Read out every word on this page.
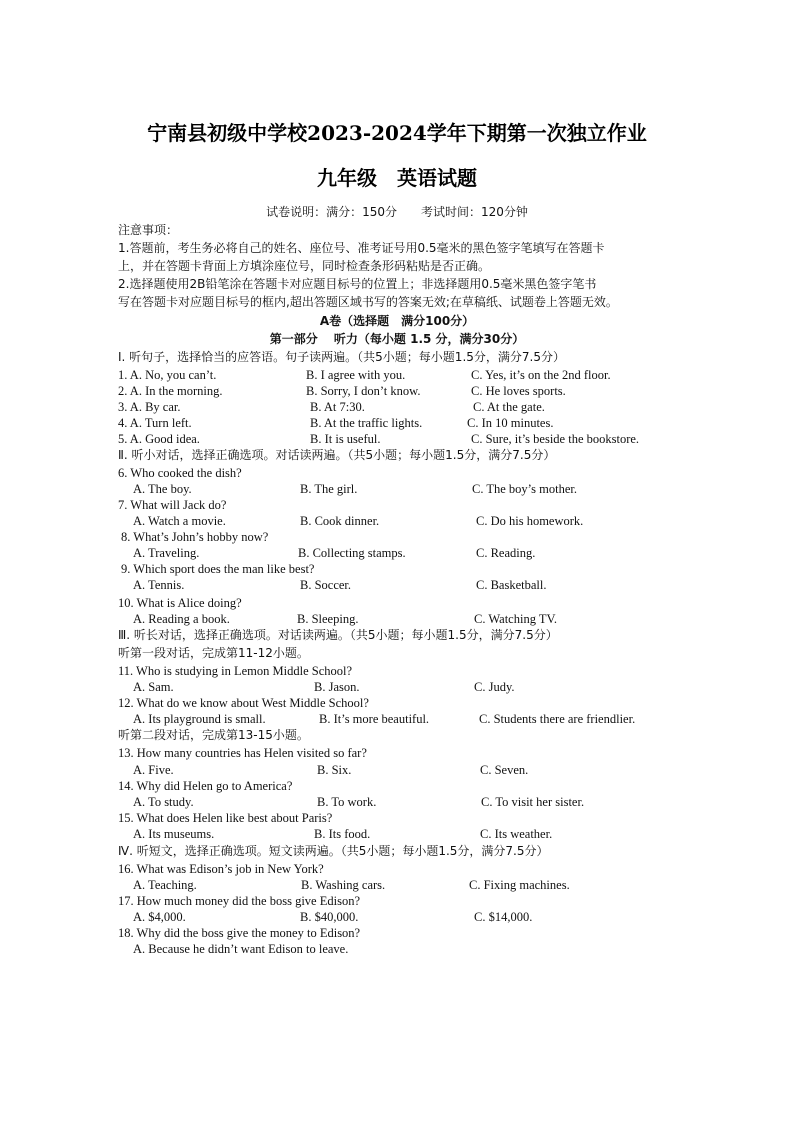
宁南县初级中学校2023-2024学年下期第一次独立作业
九年级　英语试题
试卷说明：满分：150分　　考试时间：120分钟
注意事项：
1.答题前，考生务必将自己的姓名、座位号、准考证号用0.5毫米的黑色签字笔填写在答题卡
上，并在答题卡背面上方填涂座位号，同时检查条形码粘贴是否正确。
2.选择题使用2B铅笔涂在答题卡对应题目标号的位置上；非选择题用0.5毫米黑色签字笔书
写在答题卡对应题目标号的框内,超出答题区域书写的答案无效;在草稿纸、试题卷上答题无效。
A卷（选择题　满分100分）
第一部分　 听力（每小题 1.5 分，满分30分）
Ⅰ. 听句子，选择恰当的应答语。句子读两遍。（共5小题；每小题1.5分，满分7.5分）
1. A. No, you can’t.	B. I agree with you.	C. Yes, it’s on the 2nd floor.
2. A. In the morning.	B. Sorry, I don’t know.	C. He loves sports.
3. A. By car.	B. At 7:30.	C. At the gate.
4. A. Turn left.	B. At the traffic lights.	C. In 10 minutes.
5. A. Good idea.	B. It is useful.	C. Sure, it’s beside the bookstore.
Ⅱ. 听小对话，选择正确选项。对话读两遍。（共5小题；每小题1.5分，满分7.5分）
6. Who cooked the dish?
A. The boy.	B. The girl.	C. The boy’s mother.
7. What will Jack do?
A. Watch a movie.	B. Cook dinner.	C. Do his homework.
8. What’s John’s hobby now?
A. Traveling.	B. Collecting stamps.	C. Reading.
9. Which sport does the man like best?
A. Tennis.	B. Soccer.	C. Basketball.
10. What is Alice doing?
A. Reading a book.	B. Sleeping.	C. Watching TV.
Ⅲ. 听长对话，选择正确选项。对话读两遍。（共5小题；每小题1.5分，满分7.5分）
听第一段对话，完成第11-12小题。
11. Who is studying in Lemon Middle School?
A. Sam.	B. Jason.	C. Judy.
12. What do we know about West Middle School?
A. Its playground is small.	B. It’s more beautiful.	C. Students there are friendlier.
听第二段对话，完成第13-15小题。
13. How many countries has Helen visited so far?
A. Five.	B. Six.	C. Seven.
14. Why did Helen go to America?
A. To study.	B. To work.	C. To visit her sister.
15. What does Helen like best about Paris?
A. Its museums.	B. Its food.	C. Its weather.
Ⅳ. 听短文，选择正确选项。短文读两遍。（共5小题；每小题1.5分，满分7.5分）
16. What was Edison’s job in New York?
A. Teaching.	B. Washing cars.	C. Fixing machines.
17. How much money did the boss give Edison?
A. $4,000.	B. $40,000.	C. $14,000.
18. Why did the boss give the money to Edison?
A. Because he didn’t want Edison to leave.
